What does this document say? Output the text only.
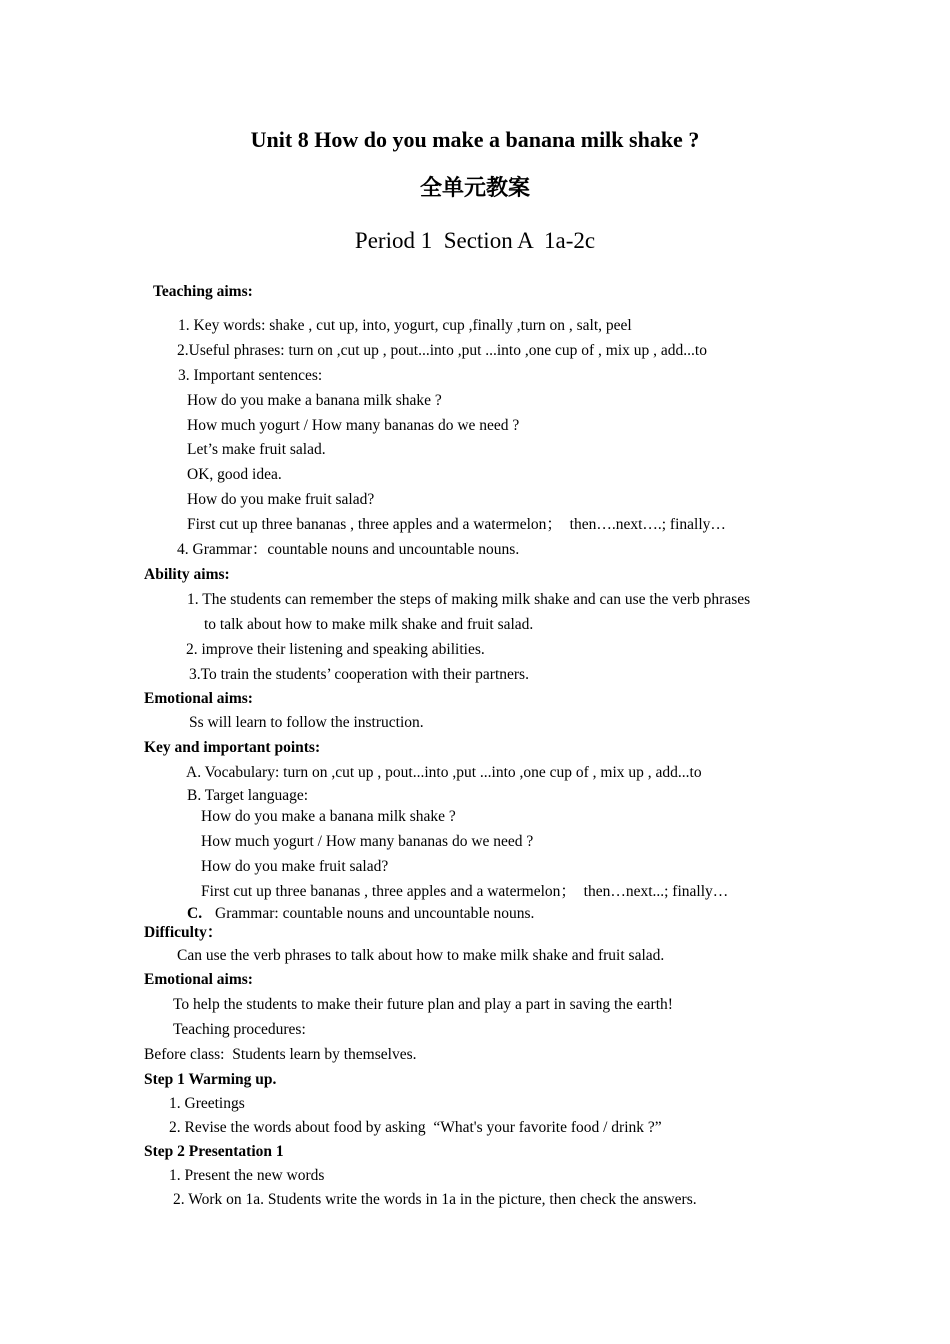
Unit 8 How do you make a banana milk shake ?
全单元教案
Period 1  Section A  1a-2c
Teaching aims:
1. Key words: shake , cut up, into, yogurt, cup ,finally ,turn on , salt, peel
2.Useful phrases: turn on ,cut up , pout...into ,put ...into ,one cup of , mix up , add...to
3. Important sentences:
How do you make a banana milk shake ?
How much yogurt / How many bananas do we need ?
Let’s make fruit salad.
OK, good idea.
How do you make fruit salad?
First cut up three bananas , three apples and a watermelon；  then….next….; finally…
4. Grammar：countable nouns and uncountable nouns.
Ability aims:
1. The students can remember the steps of making milk shake and can use the verb phrases
to talk about how to make milk shake and fruit salad.
2. improve their listening and speaking abilities.
3.To train the students’ cooperation with their partners.
Emotional aims:
Ss will learn to follow the instruction.
Key and important points:
A. Vocabulary: turn on ,cut up , pout...into ,put ...into ,one cup of , mix up , add...to
B. Target language:
How do you make a banana milk shake ?
How much yogurt / How many bananas do we need ?
How do you make fruit salad?
First cut up three bananas , three apples and a watermelon；  then…next...; finally…
C. Grammar: countable nouns and uncountable nouns.
Difficulty：
Can use the verb phrases to talk about how to make milk shake and fruit salad.
Emotional aims:
To help the students to make their future plan and play a part in saving the earth!
Teaching procedures:
Before class:  Students learn by themselves.
Step 1 Warming up.
1. Greetings
2. Revise the words about food by asking  “What's your favorite food / drink ?”
Step 2 Presentation 1
1. Present the new words
2. Work on 1a. Students write the words in 1a in the picture, then check the answers.
